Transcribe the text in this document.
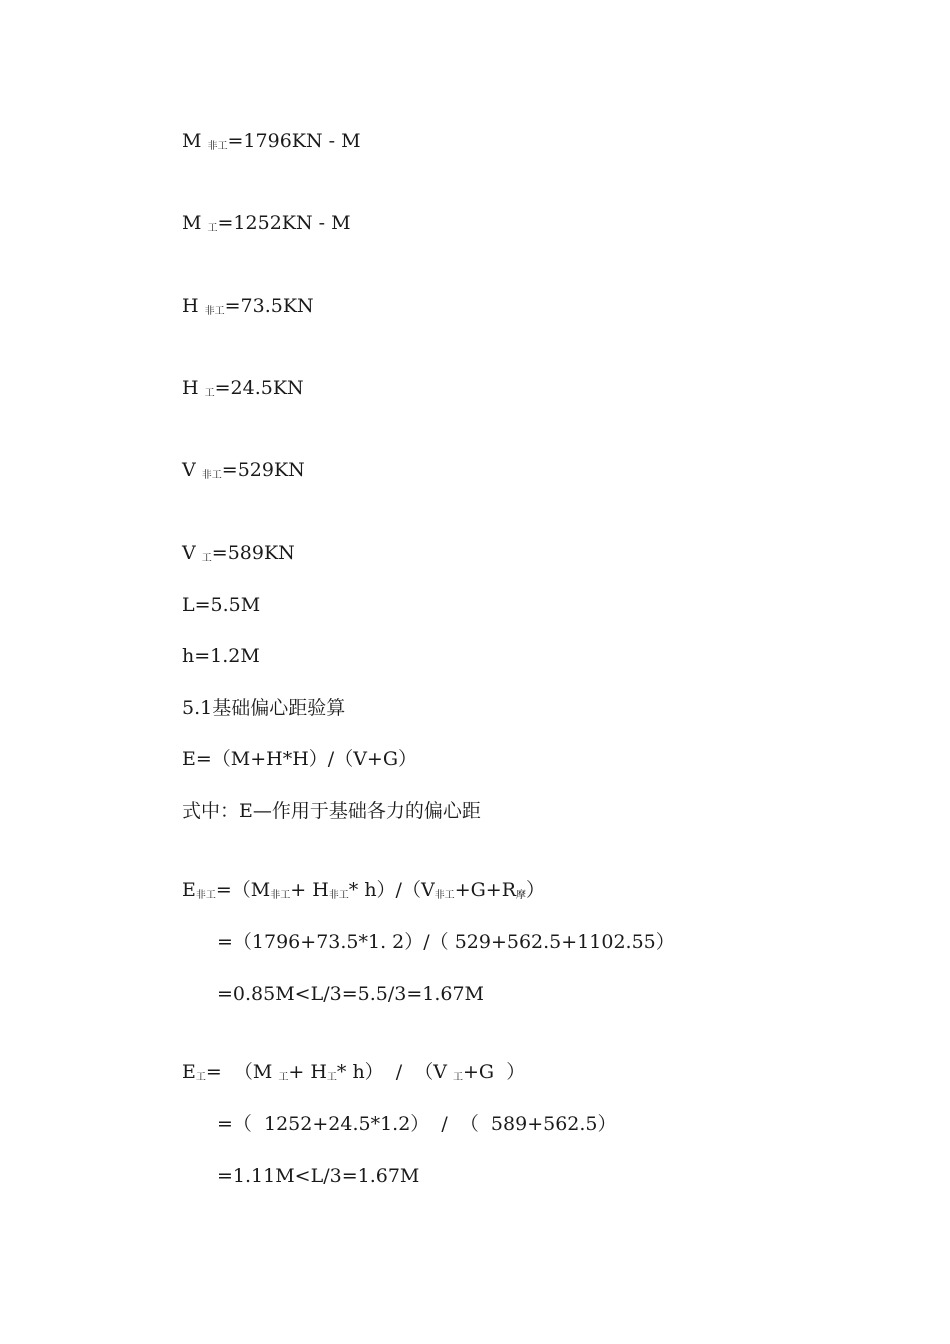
M $_{非工}$=1796KN - M
M $_工$=1252KN - M
H $_{非工}$=73.5KN
H $_工$=24.5KN
V $_{非工}$=529KN
V $_工$=589KN
L=5.5M
h=1.2M
5.1基础偏心距验算
E=（M+H*H）/（V+G）
式中：E—作用于基础各力的偏心距
$E_{非工}=(M_{非工}+ H_{非工}*$ $h)/(V_{非工}+G+R_摩)$
=（1796+73.5*1. 2）/（ 529+562.5+1102.55）
=0.85M<L/3=5.5/3=1.67M
$E_工= (M$ $_工+ H_工*$ h）  /  （V $_工$+G  ）
=（  1252+24.5*1.2）  /  （  589+562.5）
=1.11M<L/3=1.67M
